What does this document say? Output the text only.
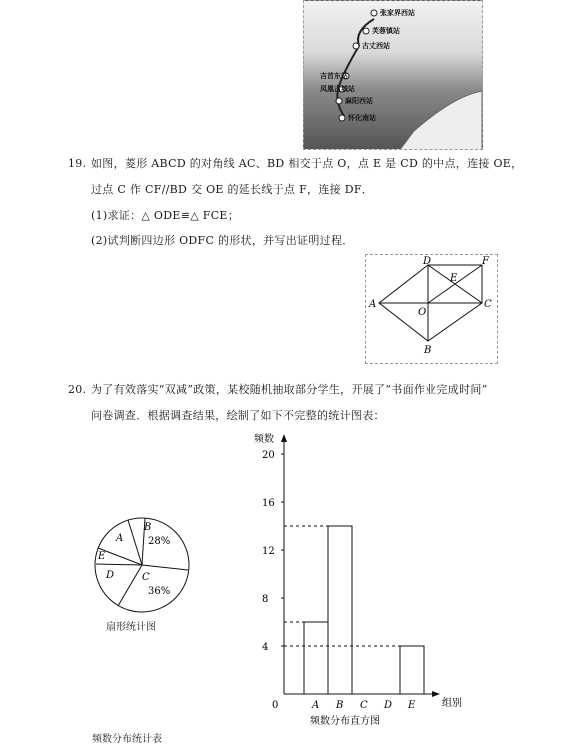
张家界西站
芙蓉镇站
古丈西站
吉首东站
凤凰古城站
麻阳西站
怀化南站
19. 如图，菱形 ABCD 的对角线 AC、BD 相交于点 O，点 E 是 CD 的中点，连接 OE，
过点 C 作 CF//BD 交 OE 的延长线于点 F，连接 DF．
(1)求证：△ ODE≌△ FCE；
(2)试判断四边形 ODFC 的形状，并写出证明过程．
D	F
E
A
O
C
B
20. 为了有效落实“双减”政策，某校随机抽取部分学生，开展了“书面作业完成时间”
问卷调查．根据调查结果，绘制了如下不完整的统计图表：
A
B
28%
E
D	C
36%
扇形统计图
0
4
8
12
16
20
A B C D E
频数
组别
频数分布直方图
频数分布统计表
